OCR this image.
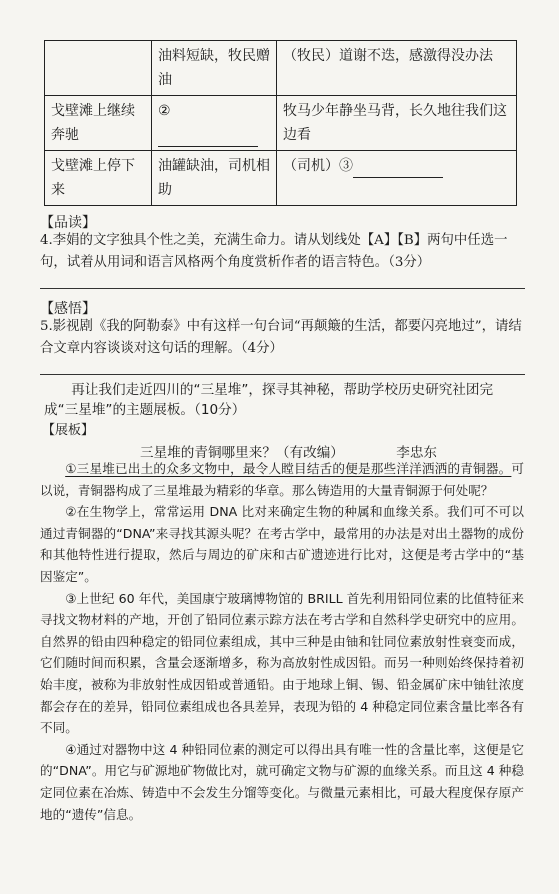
	油料短缺，牧民赠油	（牧民）道谢不迭，感激得没办法
戈壁滩上继续奔驰	②	牧马少年静坐马背，长久地往我们这边看
戈壁滩上停下来	油罐缺油，司机相助	（司机）③
【品读】
4.李娟的文字独具个性之美，充满生命力。请从划线处【A】【B】两句中任选一句，试着从用词和语言风格两个角度赏析作者的语言特色。（3分）
【感悟】
5.影视剧《我的阿勒泰》中有这样一句台词“再颠簸的生活，都要闪亮地过”，请结合文章内容谈谈对这句话的理解。（4分）
再让我们走近四川的“三星堆”，探寻其神秘，帮助学校历史研究社团完成“三星堆”的主题展板。（10分）
【展板】
三星堆的青铜哪里来？（有改编）	李忠东

①三星堆已出土的众多文物中，最令人瞠目结舌的便是那些洋洋洒洒的青铜器。可以说，青铜器构成了三星堆最为精彩的华章。那么铸造用的大量青铜源于何处呢？

②在生物学上，常常运用 DNA 比对来确定生物的种属和血缘关系。我们可不可以通过青铜器的“DNA”来寻找其源头呢？在考古学中，最常用的办法是对出土器物的成份和其他特性进行提取，然后与周边的矿床和古矿遗迹进行比对，这便是考古学中的“基因鉴定”。

③上世纪 60 年代，美国康宁玻璃博物馆的 BRILL 首先利用铅同位素的比值特征来寻找文物材料的产地，开创了铅同位素示踪方法在考古学和自然科学史研究中的应用。自然界的铅由四种稳定的铅同位素组成，其中三种是由铀和钍同位素放射性衰变而成，它们随时间而积累，含量会逐渐增多，称为高放射性成因铅。而另一种则始终保持着初始丰度，被称为非放射性成因铅或普通铅。由于地球上铜、锡、铅金属矿床中铀钍浓度都会存在的差异，铅同位素组成也各具差异，表现为铅的 4 种稳定同位素含量比率各有不同。

④通过对器物中这 4 种铅同位素的测定可以得出具有唯一性的含量比率，这便是它的“DNA”。用它与矿源地矿物做比对，就可确定文物与矿源的血缘关系。而且这 4 种稳定同位素在冶炼、铸造中不会发生分馏等变化。与微量元素相比，可最大程度保存原产地的“遗传”信息。
